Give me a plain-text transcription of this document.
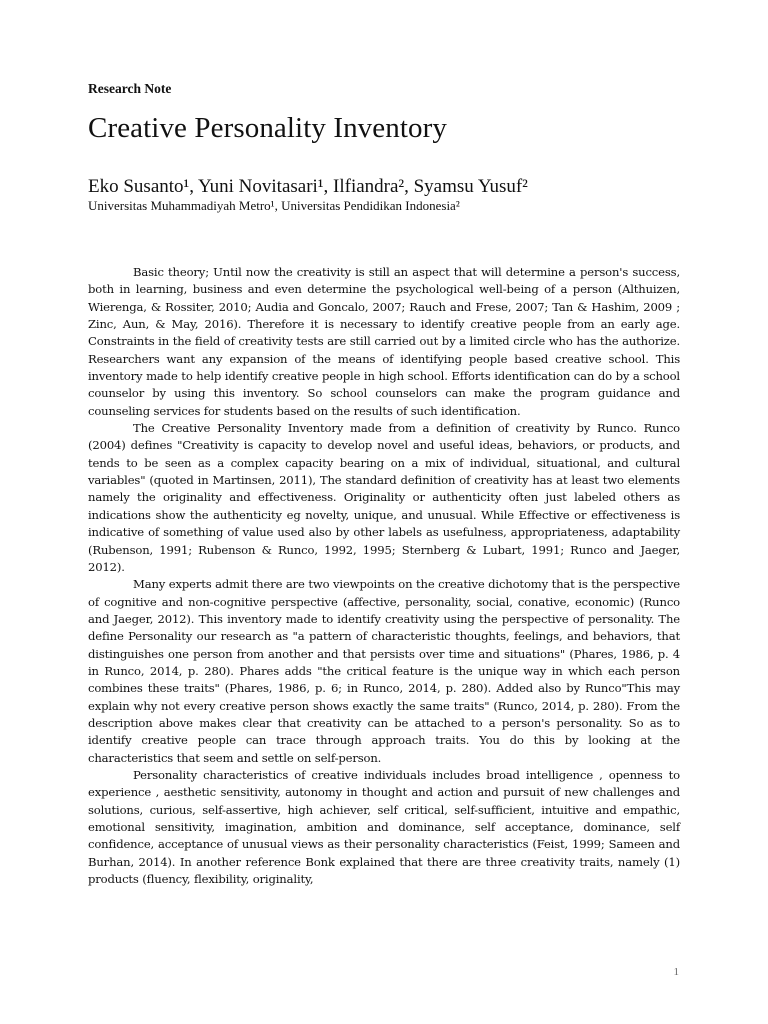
Research Note

Creative Personality Inventory

Eko Susanto¹, Yuni Novitasari¹, Ilfiandra², Syamsu Yusuf²

Universitas Muhammadiyah Metro¹, Universitas Pendidikan Indonesia²

Basic theory; Until now the creativity is still an aspect that will determine a person's success, both in learning, business and even determine the psychological well-being of a person (Althuizen, Wierenga, & Rossiter, 2010; Audia and Goncalo, 2007; Rauch and Frese, 2007; Tan & Hashim, 2009 ; Zinc, Aun, & May, 2016). Therefore it is necessary to identify creative people from an early age. Constraints in the field of creativity tests are still carried out by a limited circle who has the authorize. Researchers want any expansion of the means of identifying people based creative school. This inventory made to help identify creative people in high school. Efforts identification can do by a school counselor by using this inventory. So school counselors can make the program guidance and counseling services for students based on the results of such identification.

The Creative Personality Inventory made from a definition of creativity by Runco. Runco (2004) defines "Creativity is capacity to develop novel and useful ideas, behaviors, or products, and tends to be seen as a complex capacity bearing on a mix of individual, situational, and cultural variables" (quoted in Martinsen, 2011), The standard definition of creativity has at least two elements namely the originality and effectiveness. Originality or authenticity often just labeled others as indications show the authenticity eg novelty, unique, and unusual. While Effective or effectiveness is indicative of something of value used also by other labels as usefulness, appropriateness, adaptability (Rubenson, 1991; Rubenson & Runco, 1992, 1995; Sternberg & Lubart, 1991; Runco and Jaeger, 2012).

Many experts admit there are two viewpoints on the creative dichotomy that is the perspective of cognitive and non-cognitive perspective (affective, personality, social, conative, economic) (Runco and Jaeger, 2012). This inventory made to identify creativity using the perspective of personality. The define Personality our research as "a pattern of characteristic thoughts, feelings, and behaviors, that distinguishes one person from another and that persists over time and situations" (Phares, 1986, p. 4 in Runco, 2014, p. 280). Phares adds "the critical feature is the unique way in which each person combines these traits" (Phares, 1986, p. 6; in Runco, 2014, p. 280). Added also by Runco"This may explain why not every creative person shows exactly the same traits" (Runco, 2014, p. 280). From the description above makes clear that creativity can be attached to a person's personality. So as to identify creative people can trace through approach traits. You do this by looking at the characteristics that seem and settle on self-person.

Personality characteristics of creative individuals includes broad intelligence , openness to experience , aesthetic sensitivity, autonomy in thought and action and pursuit of new challenges and solutions, curious, self-assertive, high achiever, self critical, self-sufficient, intuitive and empathic, emotional sensitivity, imagination, ambition and dominance, self acceptance, dominance, self confidence, acceptance of unusual views as their personality characteristics (Feist, 1999; Sameen and Burhan, 2014). In another reference Bonk explained that there are three creativity traits, namely (1) products (fluency, flexibility, originality,

1
